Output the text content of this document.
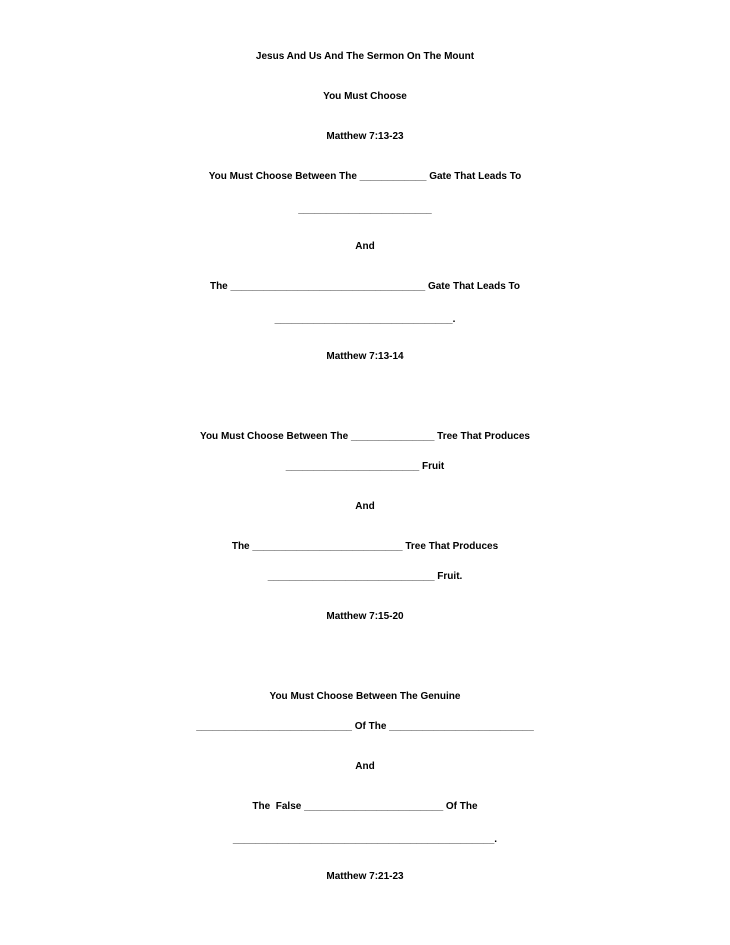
Jesus And Us And The Sermon On The Mount
You Must Choose
Matthew 7:13-23
You Must Choose Between The ____________ Gate That Leads To
________________________
And
The ___________________________________ Gate That Leads To
________________________________.
Matthew 7:13-14
You Must Choose Between The _______________ Tree That Produces
________________________ Fruit
And
The ___________________________ Tree That Produces
______________________________ Fruit.
Matthew 7:15-20
You Must Choose Between The Genuine
____________________________ Of The __________________________
And
The  False _________________________ Of The
_______________________________________________.
Matthew 7:21-23
